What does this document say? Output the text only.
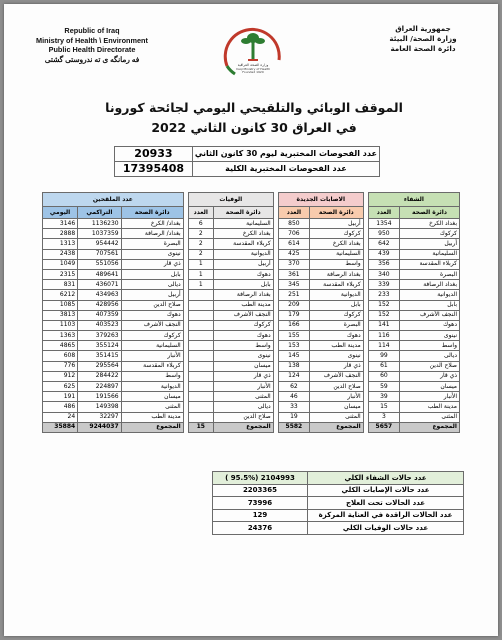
Republic of Iraq
Ministry of Health \ Environment
Public Health Directorate
فه رمانگه ی ته ندروستی گشتی
جمهورية العراق
وزارة الصحة/ البيئة
دائرة الصحة العامة
وزارة الصحة العراقية
Iraqi Ministry of Health
Founded 1920
الموقف الوبائي والتلقيحي اليومي لجائحة كورونا
في العراق 30 كانون الثاني 2022
20933	عدد الفحوصات المختبرية ليوم 30 كانون الثاني
17395408	عدد الفحوصات المختبرية الكلية
عدد الملقحين				الوفيات			الاصابات الجديدة			الشفاء	
اليومي	التراكمي	دائرة الصحة		العدد	دائرة الصحة		العدد	دائرة الصحة		العدد	دائرة الصحة
3146	1136230	بغداد/ الكرخ		6	السليمانية		850	أربيل		1354	بغداد الكرخ
2888	1037359	بغداد/ الرصافة		2	بغداد الكرخ		706	كركوك		950	كركوك
1313	954442	البصرة		2	كربلاء المقدسة		614	بغداد الكرخ		642	أربيل
2438	707561	نينوى		2	الديوانية		425	السليمانية		439	السليمانية
1049	551056	ذي قار		1	أربيل		370	واسط		356	كربلاء المقدسة
2315	489641	بابل		1	دهوك		361	بغداد الرصافة		340	البصرة
831	436071	ديالى		1	بابل		345	كربلاء المقدسة		339	بغداد الرصافة
6212	434963	أربيل			بغداد الرصافة		251	الديوانية		233	الديوانية
1085	428956	صلاح الدين			مدينة الطب		209	بابل		152	بابل
3813	407359	دهوك			النجف الأشرف		179	كركوك		152	النجف الأشرف
1103	403523	النجف الأشرف			كركوك		166	البصرة		141	دهوك
1363	379263	كركوك			دهوك		155	دهوك		116	نينوى
4865	355124	السليمانية			واسط		153	مدينة الطب		114	واسط
608	351415	الأنبار			نينوى		145	نينوى		99	ديالى
776	295564	كربلاء المقدسة			ميسان		138	ذي قار		61	صلاح الدين
912	284422	واسط			ذي قار		124	النجف الأشرف		60	ذي قار
625	224897	الديوانية			الأنبار		62	صلاح الدين		59	ميسان
191	191566	ميسان			المثنى		46	الأنبار		39	الأنبار
486	149398	المثنى			ديالى		33	ميسان		15	مدينة الطب
24	32297	مدينة الطب			صلاح الدين		19	المثنى		3	المثنى
35884	9244037	المجموع		15	المجموع		5582	المجموع		5657	المجموع
( 95.5%) 2104993	عدد حالات الشفاء الكلي
2203365	عدد حالات الإصابات الكلي
73996	عدد الحالات تحت العلاج
129	عدد الحالات الراقدة في العناية المركزة
24376	عدد حالات الوفيات الكلي
